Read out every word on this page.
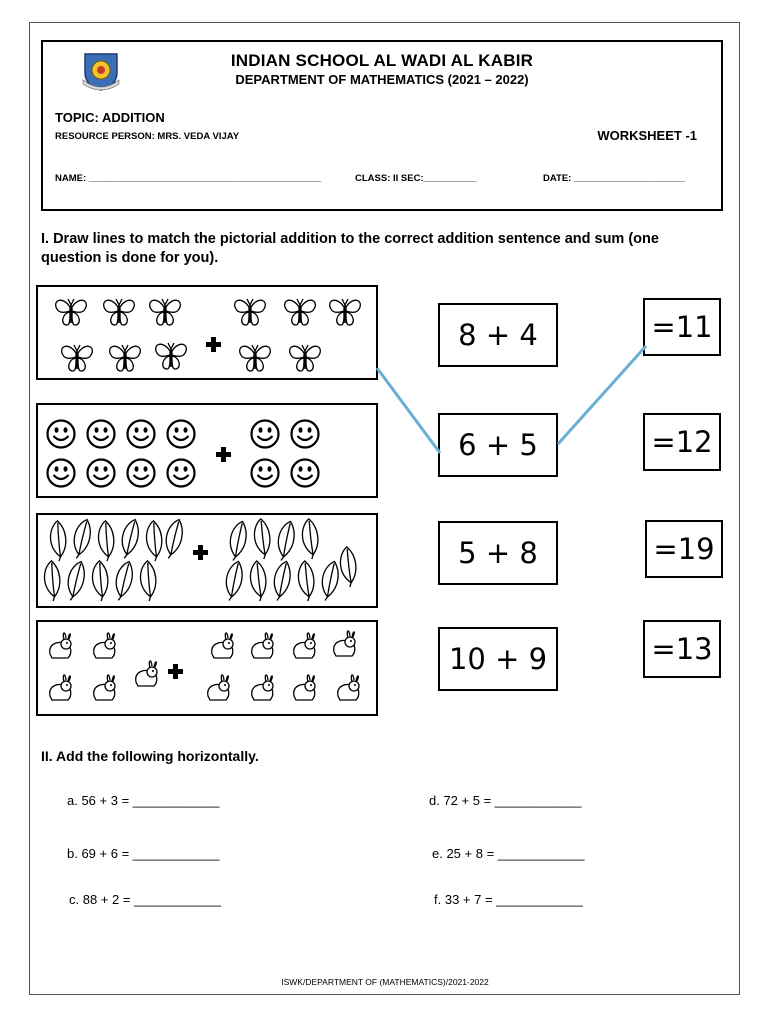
INDIAN SCHOOL AL WADI AL KABIR
DEPARTMENT OF MATHEMATICS (2021 – 2022)
TOPIC: ADDITION
RESOURCE PERSON: MRS. VEDA VIJAY	WORKSHEET -1
NAME: ____________________________________________	CLASS: II SEC:__________	DATE: _____________________
I. Draw lines to match the pictorial addition to the correct addition sentence and sum (one question is done for you).
8 + 4
6 + 5
5 + 8
10 + 9
=11
=12
=19
=13
II. Add the following horizontally.
a. 56 + 3 = ____________
b. 69 + 6 = ____________
c. 88 + 2 = ____________
d. 72 + 5 = ____________
e. 25 + 8 = ____________
f. 33 + 7 = ____________
ISWK/DEPARTMENT OF (MATHEMATICS)/2021-2022
